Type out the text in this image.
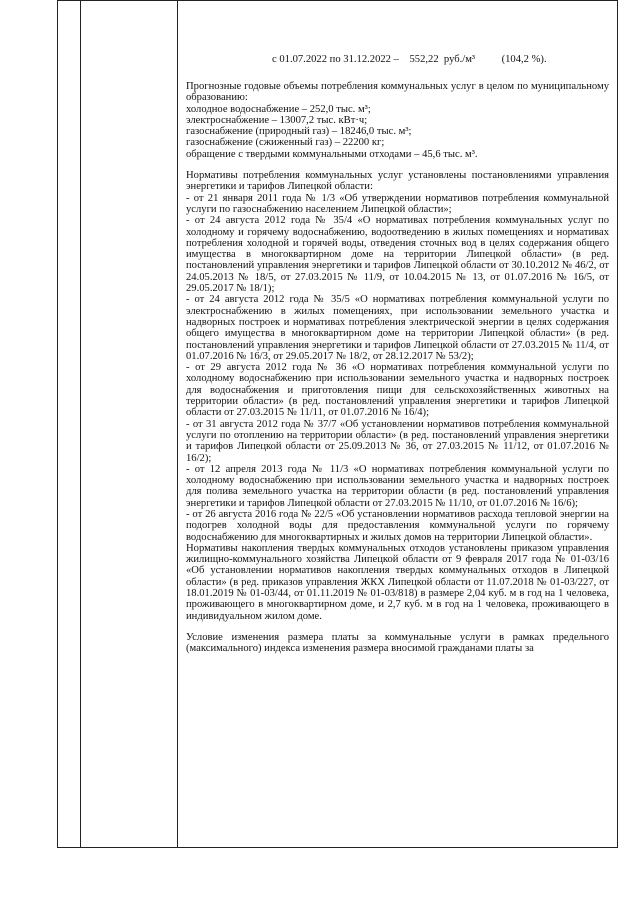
Прогнозные годовые объемы потребления коммунальных услуг в целом по муниципальному образованию:

холодное водоснабжение – 252,0 тыс. м³;

электроснабжение – 13007,2 тыс. кВт·ч;

газоснабжение (природный газ) – 18246,0 тыс. м³;

газоснабжение (сжиженный газ) – 22200 кг;

обращение с твердыми коммунальными отходами – 45,6 тыс. м³.

Нормативы потребления коммунальных услуг установлены постановлениями управления энергетики и тарифов Липецкой области:

- от 21 января 2011 года № 1/3 «Об утверждении нормативов потребления коммунальной услуги по газоснабжению населением Липецкой области»;

- от 24 августа 2012 года № 35/4 «О нормативах потребления коммунальных услуг по холодному и горячему водоснабжению, водоотведению в жилых помещениях и нормативах потребления холодной и горячей воды, отведения сточных вод в целях содержания общего имущества в многоквартирном доме на территории Липецкой области» (в ред. постановлений управления энергетики и тарифов Липецкой области от 30.10.2012 № 46/2, от 24.05.2013 № 18/5, от 27.03.2015 № 11/9, от 10.04.2015 № 13, от 01.07.2016 № 16/5, от 29.05.2017 № 18/1);

- от 24 августа 2012 года № 35/5 «О нормативах потребления коммунальной услуги по электроснабжению в жилых помещениях, при использовании земельного участка и надворных построек и нормативах потребления электрической энергии в целях содержания общего имущества в многоквартирном доме на территории Липецкой области» (в ред. постановлений управления энергетики и тарифов Липецкой области от 27.03.2015 № 11/4, от 01.07.2016 № 16/3, от 29.05.2017 № 18/2, от 28.12.2017 № 53/2);

- от 29 августа 2012 года № 36 «О нормативах потребления коммунальной услуги по холодному водоснабжению при использовании земельного участка и надворных построек для водоснабжения и приготовления пищи для сельскохозяйственных животных на территории области» (в ред. постановлений управления энергетики и тарифов Липецкой области от 27.03.2015 № 11/11, от 01.07.2016 № 16/4);

- от 31 августа 2012 года № 37/7 «Об установлении нормативов потребления коммунальной услуги по отоплению на территории области» (в ред. постановлений управления энергетики и тарифов Липецкой области от 25.09.2013 № 36, от 27.03.2015 № 11/12, от 01.07.2016 № 16/2);

- от 12 апреля 2013 года № 11/3 «О нормативах потребления коммунальной услуги по холодному водоснабжению при использовании земельного участка и надворных построек для полива земельного участка на территории области (в ред. постановлений управления энергетики и тарифов Липецкой области от 27.03.2015 № 11/10, от 01.07.2016 № 16/6);

- от 26 августа 2016 года № 22/5 «Об установлении нормативов расхода тепловой энергии на подогрев холодной воды для предоставления коммунальной услуги по горячему водоснабжению для многоквартирных и жилых домов на территории Липецкой области».

Нормативы накопления твердых коммунальных отходов установлены приказом управления жилищно-коммунального хозяйства Липецкой области от 9 февраля 2017 года № 01-03/16 «Об установлении нормативов накопления твердых коммунальных отходов в Липецкой области» (в ред. приказов управления ЖКХ Липецкой области от 11.07.2018 № 01-03/227, от 18.01.2019 № 01-03/44, от 01.11.2019 № 01-03/818) в размере 2,04 куб. м в год на 1 человека, проживающего в многоквартирном доме, и 2,7 куб. м в год на 1 человека, проживающего в индивидуальном жилом доме.

Условие изменения размера платы за коммунальные услуги в рамках предельного (максимального) индекса изменения размера вносимой гражданами платы за

с 01.07.2022 по 31.12.2022 –    552,22  руб./м³          (104,2 %).
